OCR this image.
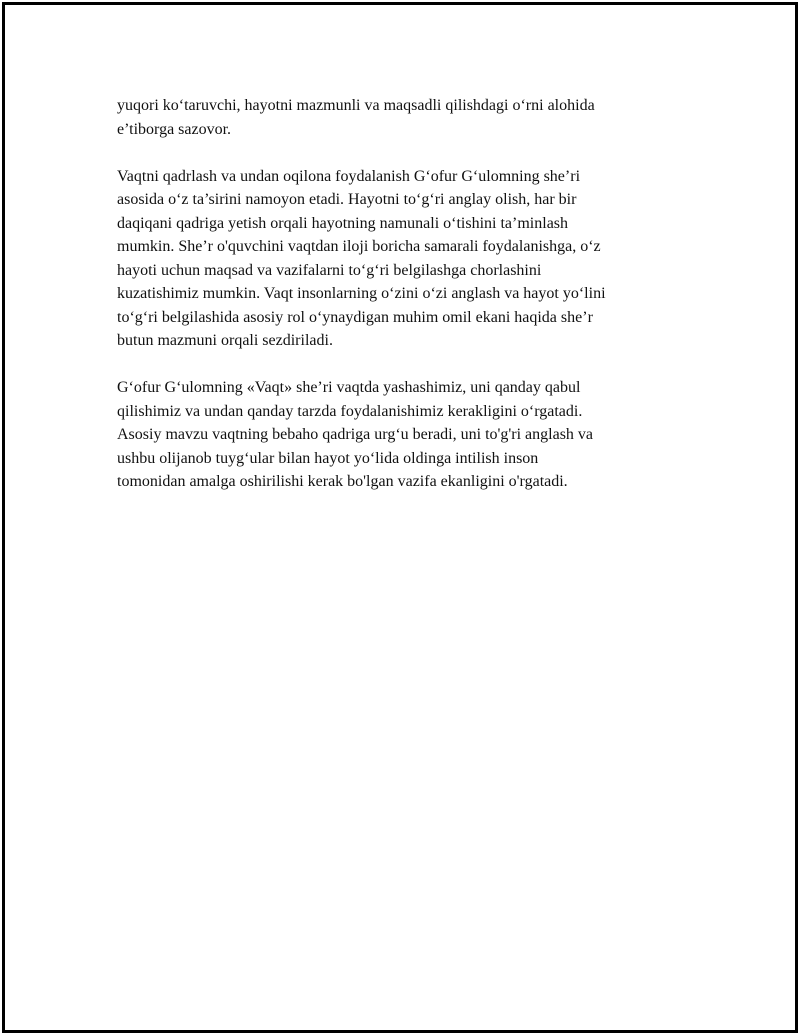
yuqori ko‘taruvchi, hayotni mazmunli va maqsadli qilishdagi o‘rni alohida
e’tiborga sazovor.

Vaqtni qadrlash va undan oqilona foydalanish G‘ofur G‘ulomning she’ri
asosida o‘z ta’sirini namoyon etadi. Hayotni to‘g‘ri anglay olish, har bir
daqiqani qadriga yetish orqali hayotning namunali o‘tishini ta’minlash
mumkin. She’r o'quvchini vaqtdan iloji boricha samarali foydalanishga, o‘z
hayoti uchun maqsad va vazifalarni to‘g‘ri belgilashga chorlashini
kuzatishimiz mumkin. Vaqt insonlarning o‘zini o‘zi anglash va hayot yo‘lini
to‘g‘ri belgilashida asosiy rol o‘ynaydigan muhim omil ekani haqida she’r
butun mazmuni orqali sezdiriladi.

G‘ofur G‘ulomning «Vaqt» she’ri vaqtda yashashimiz, uni qanday qabul
qilishimiz va undan qanday tarzda foydalanishimiz kerakligini o‘rgatadi.
Asosiy mavzu vaqtning bebaho qadriga urg‘u beradi, uni to'g'ri anglash va
ushbu olijanob tuyg‘ular bilan hayot yo‘lida oldinga intilish inson
tomonidan amalga oshirilishi kerak bo'lgan vazifa ekanligini o'rgatadi.
